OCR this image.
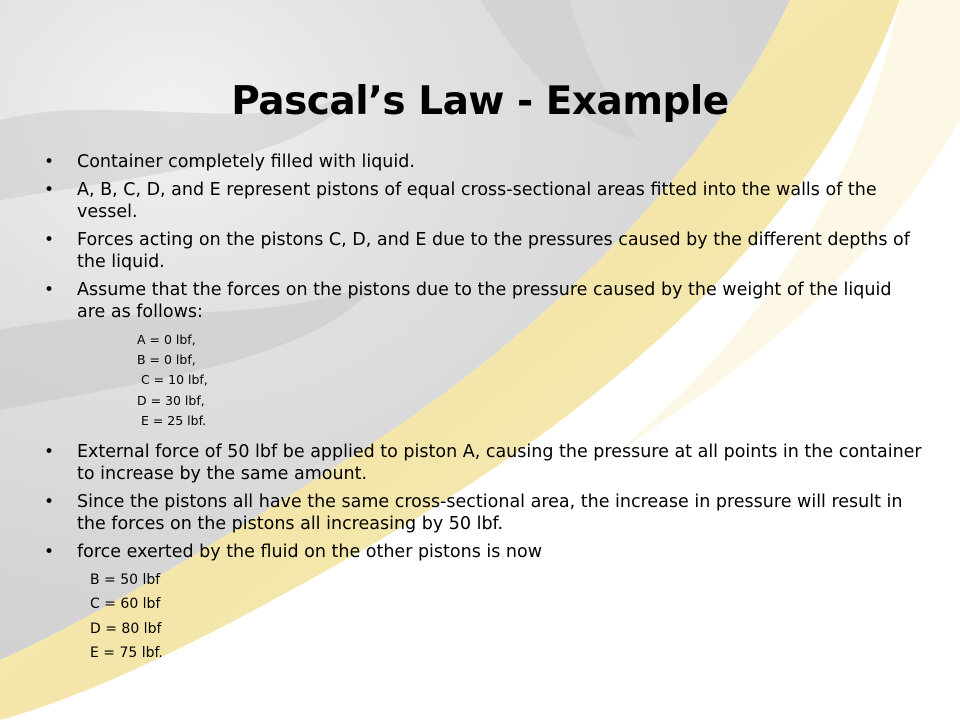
Pascal’s Law - Example
• Container completely filled with liquid.
• A, B, C, D, and E represent pistons of equal cross-sectional areas fitted into the walls of the vessel.
• Forces acting on the pistons C, D, and E due to the pressures caused by the different depths of the liquid.
• Assume that the forces on the pistons due to the pressure caused by the weight of the liquid are as follows:
A = 0 lbf,
B = 0 lbf,
C = 10 lbf,
D = 30 lbf,
E = 25 lbf.
• External force of 50 lbf be applied to piston A, causing the pressure at all points in the container to increase by the same amount.
• Since the pistons all have the same cross-sectional area, the increase in pressure will result in the forces on the pistons all increasing by 50 lbf.
• force exerted by the fluid on the other pistons is now
B = 50 lbf
C = 60 lbf
D = 80 lbf
E = 75 lbf.
